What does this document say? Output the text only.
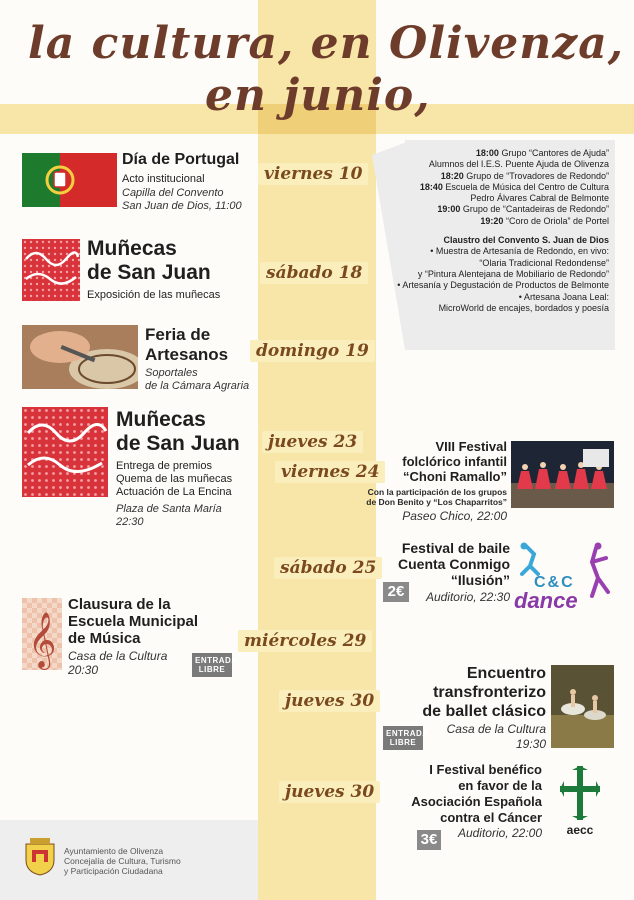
la cultura, en Olivenza,
en junio,
18:00 Grupo “Cantores de Ajuda”
Alumnos del I.E.S. Puente Ajuda de Olivenza
18:20 Grupo de “Trovadores de Redondo”
18:40 Escuela de Música del Centro de Cultura
Pedro Álvares Cabral de Belmonte
19:00 Grupo de “Cantadeiras de Redondo”
19:20 “Coro de Oriola” de Portel
Claustro del Convento S. Juan de Dios
• Muestra de Artesanía de Redondo, en vivo:
“Olaria Tradicional Redondense”
y “Pintura Alentejana de Mobiliario de Redondo”
• Artesanía y Degustación de Productos de Belmonte
• Artesana Joana Leal:
MicroWorld de encajes, bordados y poesía
Día de Portugal
Acto institucional
Capilla del Convento
San Juan de Dios, 11:00
viernes 10
Muñecas
de San Juan
Exposición de las muñecas
sábado 18
Feria de
Artesanos
Soportales
de la Cámara Agraria
domingo 19
Muñecas
de San Juan
Entrega de premios
Quema de las muñecas
Actuación de La Encina
Plaza de Santa María
22:30
jueves 23
viernes 24
VIII Festival
folclórico infantil
“Choni Ramallo”
Con la participación de los grupos
de Don Benito y “Los Chaparritos”
Paseo Chico, 22:00
sábado 25
Festival de baile
Cuenta Conmigo
“Ilusión”
2€	Auditorio, 22:30
C&C
dance
𝄞
Clausura de la
Escuela Municipal
de Música
Casa de la Cultura
20:30
ENTRADA
LIBRE
miércoles 29
jueves 30
Encuentro
transfronterizo
de ballet clásico
ENTRADA
LIBRE
Casa de la Cultura
19:30
jueves 30
I Festival benéfico
en favor de la
Asociación Española
contra el Cáncer
Auditorio, 22:00
3€
aecc
Ayuntamiento de Olivenza
Concejalía de Cultura, Turismo
y Participación Ciudadana
